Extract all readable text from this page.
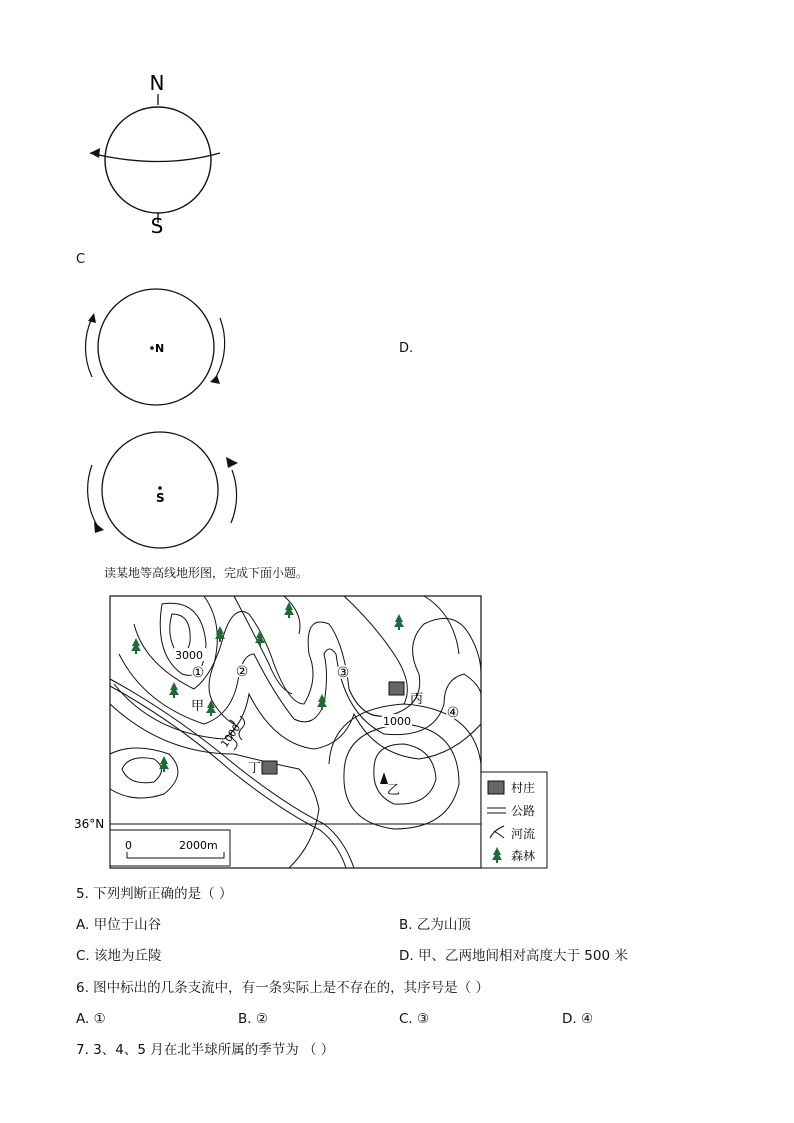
N
S
C
N
S
D.
读某地等高线地形图，完成下面小题。
36°N
3000
1000
1000
① ②	③
④
甲
丁
丙
乙
0	2000m
村庄
公路
河流
森林
5. 下列判断正确的是（ ）
A. 甲位于山谷	B. 乙为山顶
C. 该地为丘陵	D. 甲、乙两地间相对高度大于 500 米
6. 图中标出的几条支流中，有一条实际上是不存在的，其序号是（ ）
A. ①	B. ②	C. ③	D. ④
7. 3、4、5 月在北半球所属的季节为 （ ）
